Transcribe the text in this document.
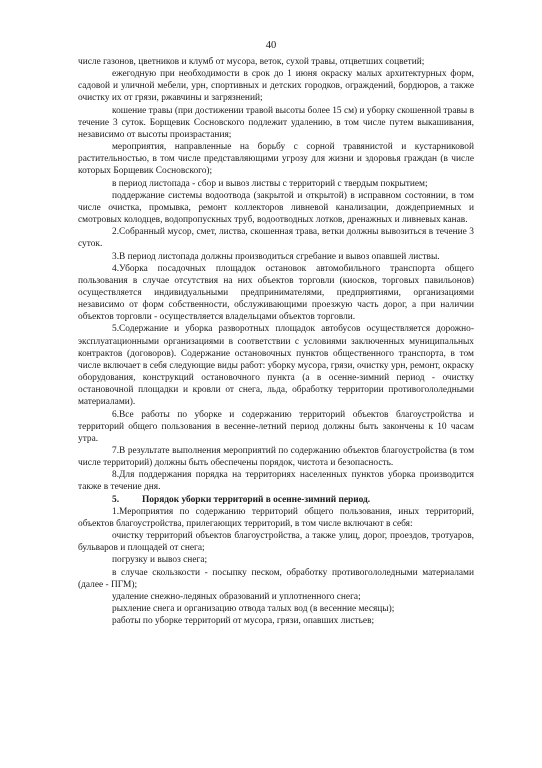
40
числе газонов, цветников и клумб от мусора, веток, сухой травы, отцветших соцветий;
ежегодную при необходимости в срок до 1 июня окраску малых архитектурных форм, садовой и уличной мебели, урн, спортивных и детских городков, ограждений, бордюров, а также очистку их от грязи, ржавчины и загрязнений;
кошение травы (при достижении травой высоты более 15 см) и уборку скошенной травы в течение 3 суток. Борщевик Сосновского подлежит удалению, в том числе путем выкашивания, независимо от высоты произрастания;
мероприятия, направленные на борьбу с сорной травянистой и кустарниковой растительностью, в том числе представляющими угрозу для жизни и здоровья граждан (в числе которых Борщевик Сосновского);
в период листопада - сбор и вывоз листвы с территорий с твердым покрытием;
поддержание системы водоотвода (закрытой и открытой) в исправном состоянии, в том числе очистка, промывка, ремонт коллекторов ливневой канализации, дождеприемных и смотровых колодцев, водопропускных труб, водоотводных лотков, дренажных и ливневых канав.
2.Собранный мусор, смет, листва, скошенная трава, ветки должны вывозиться в течение 3 суток.
3.В период листопада должны производиться сгребание и вывоз опавшей листвы.
4.Уборка посадочных площадок остановок автомобильного транспорта общего пользования в случае отсутствия на них объектов торговли (киосков, торговых павильонов) осуществляется индивидуальными предпринимателями, предприятиями, организациями независимо от форм собственности, обслуживающими проезжую часть дорог, а при наличии объектов торговли - осуществляется владельцами объектов торговли.
5.Содержание и уборка разворотных площадок автобусов осуществляется дорожно-эксплуатационными организациями в соответствии с условиями заключенных муниципальных контрактов (договоров). Содержание остановочных пунктов общественного транспорта, в том числе включает в себя следующие виды работ: уборку мусора, грязи, очистку урн, ремонт, окраску оборудования, конструкций остановочного пункта (а в осенне-зимний период - очистку остановочной площадки и кровли от снега, льда, обработку территории противогололедными материалами).
6.Все работы по уборке и содержанию территорий объектов благоустройства и территорий общего пользования в весенне-летний период должны быть закончены к 10 часам утра.
7.В результате выполнения мероприятий по содержанию объектов благоустройства (в том числе территорий) должны быть обеспечены порядок, чистота и безопасность.
8.Для поддержания порядка на территориях населенных пунктов уборка производится также в течение дня.
5. Порядок уборки территорий в осенне-зимний период.
1.Мероприятия по содержанию территорий общего пользования, иных территорий, объектов благоустройства, прилегающих территорий, в том числе включают в себя:
очистку территорий объектов благоустройства, а также улиц, дорог, проездов, тротуаров, бульваров и площадей от снега;
погрузку и вывоз снега;
в случае скользкости - посыпку песком, обработку противогололедными материалами (далее - ПГМ);
удаление снежно-ледяных образований и уплотненного снега;
рыхление снега и организацию отвода талых вод (в весенние месяцы);
работы по уборке территорий от мусора, грязи, опавших листьев;
